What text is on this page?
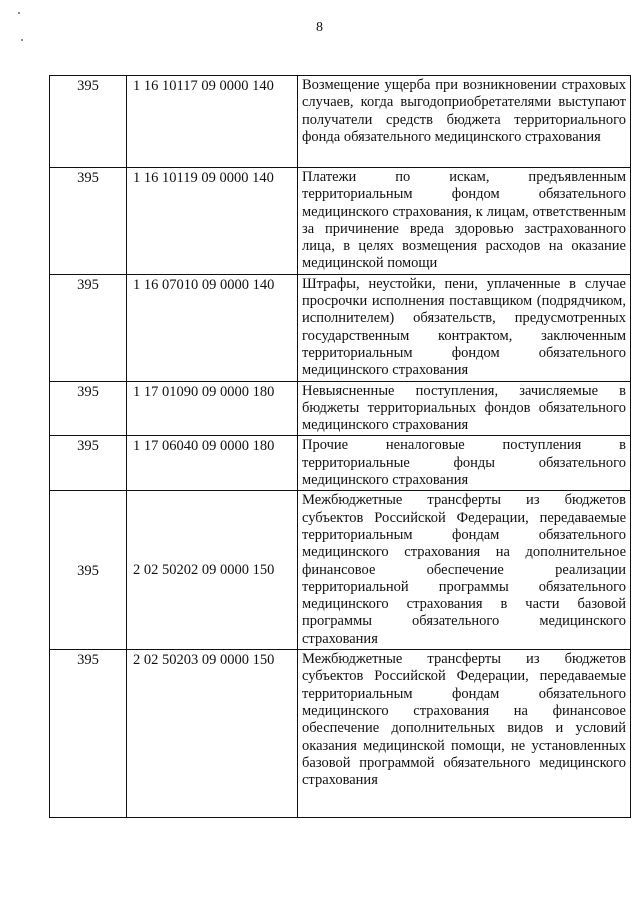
8
395	1 16 10117 09 0000 140	Возмещение ущерба при возникновении страховых случаев, когда выгодоприобретателями выступают получатели средств бюджета территориального фонда обязательного медицинского страхования
395	1 16 10119 09 0000 140	Платежи по искам, предъявленным территориальным фондом обязательного медицинского страхования, к лицам, ответственным за причинение вреда здоровью застрахованного лица, в целях возмещения расходов на оказание медицинской помощи
395	1 16 07010 09 0000 140	Штрафы, неустойки, пени, уплаченные в случае просрочки исполнения поставщиком (подрядчиком, исполнителем) обязательств, предусмотренных государственным контрактом, заключенным территориальным фондом обязательного медицинского страхования
395	1 17 01090 09 0000 180	Невыясненные поступления, зачисляемые в бюджеты территориальных фондов обязательного медицинского страхования
395	1 17 06040 09 0000 180	Прочие неналоговые поступления в территориальные фонды обязательного медицинского страхования
395	2 02 50202 09 0000 150	Межбюджетные трансферты из бюджетов субъектов Российской Федерации, передаваемые территориальным фондам обязательного медицинского страхования на дополнительное финансовое обеспечение реализации территориальной программы обязательного медицинского страхования в части базовой программы обязательного медицинского страхования
395	2 02 50203 09 0000 150	Межбюджетные трансферты из бюджетов субъектов Российской Федерации, передаваемые территориальным фондам обязательного медицинского страхования на финансовое обеспечение дополнительных видов и условий оказания медицинской помощи, не установленных базовой программой обязательного медицинского страхования
